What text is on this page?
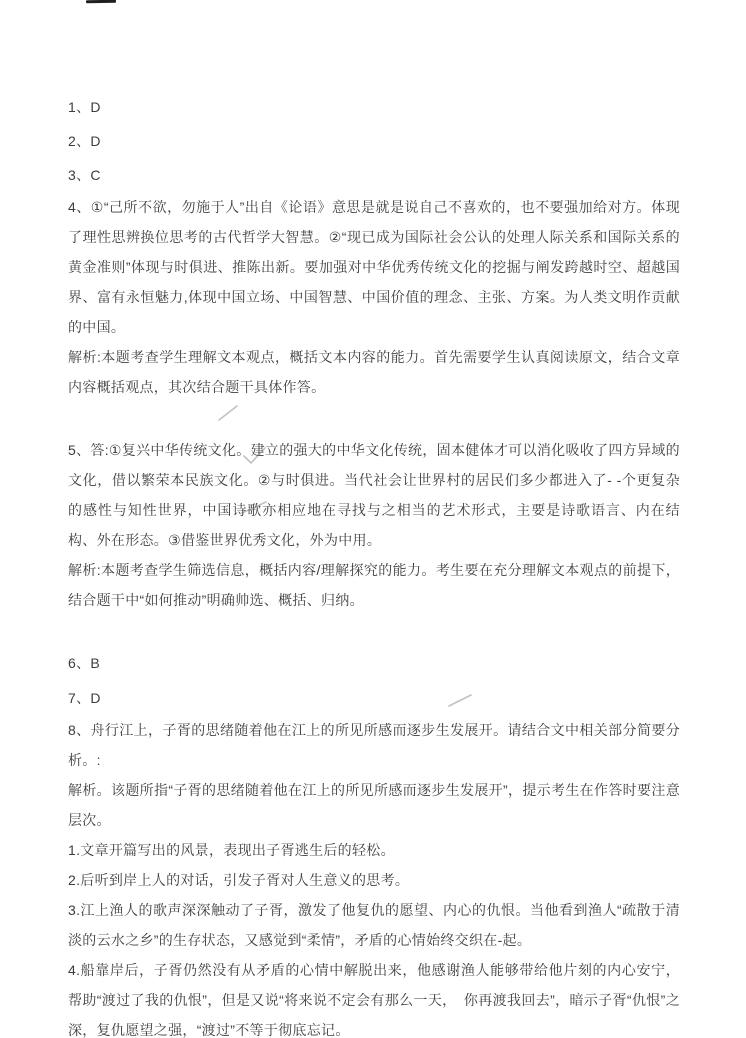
1、D

2、D

3、C

4、①“己所不欲，勿施于人”出自《论语》意思是就是说自己不喜欢的，也不要强加给对方。体现了理性思辨换位思考的古代哲学大智慧。②“现已成为国际社会公认的处理人际关系和国际关系的黄金准则”体现与时俱进、推陈出新。要加强对中华优秀传统文化的挖掘与阐发跨越时空、超越国界、富有永恒魅力,体现中国立场、中国智慧、中国价值的理念、主张、方案。为人类文明作贡献的中国。

解析:本题考查学生理解文本观点，概括文本内容的能力。首先需要学生认真阅读原文，结合文章内容概括观点，其次结合题干具体作答。

5、答:①复兴中华传统文化。建立的强大的中华文化传统，固本健体才可以消化吸收了四方异域的文化，借以繁荣本民族文化。②与时俱进。当代社会让世界村的居民们多少都进入了- -个更复杂的感性与知性世界，中国诗歌亦相应地在寻找与之相当的艺术形式，主要是诗歌语言、内在结构、外在形态。③借鉴世界优秀文化，外为中用。

解析:本题考查学生筛选信息，概括内容/理解探究的能力。考生要在充分理解文本观点的前提下，结合题干中“如何推动”明确帅选、概括、归纳。

6、B

7、D

8、舟行江上，子胥的思绪随着他在江上的所见所感而逐步生发展开。请结合文中相关部分简要分析。:

解析。该题所指“子胥的思绪随着他在江上的所见所感而逐步生发展开”，提示考生在作答时要注意层次。

1.文章开篇写出的风景，表现出子胥逃生后的轻松。

2.后听到岸上人的对话，引发子胥对人生意义的思考。

3.江上渔人的歌声深深触动了子胥，激发了他复仇的愿望、内心的仇恨。当他看到渔人“疏散于清淡的云水之乡”的生存状态，又感觉到“柔情”，矛盾的心情始终交织在-起。

4.船靠岸后，子胥仍然没有从矛盾的心情中解脱出来，他感谢渔人能够带给他片刻的内心安宁，帮助“渡过了我的仇恨”，但是又说“将来说不定会有那么一天，　你再渡我回去”，暗示子胥“仇恨”之深，复仇愿望之强，“渡过”不等于彻底忘记。
